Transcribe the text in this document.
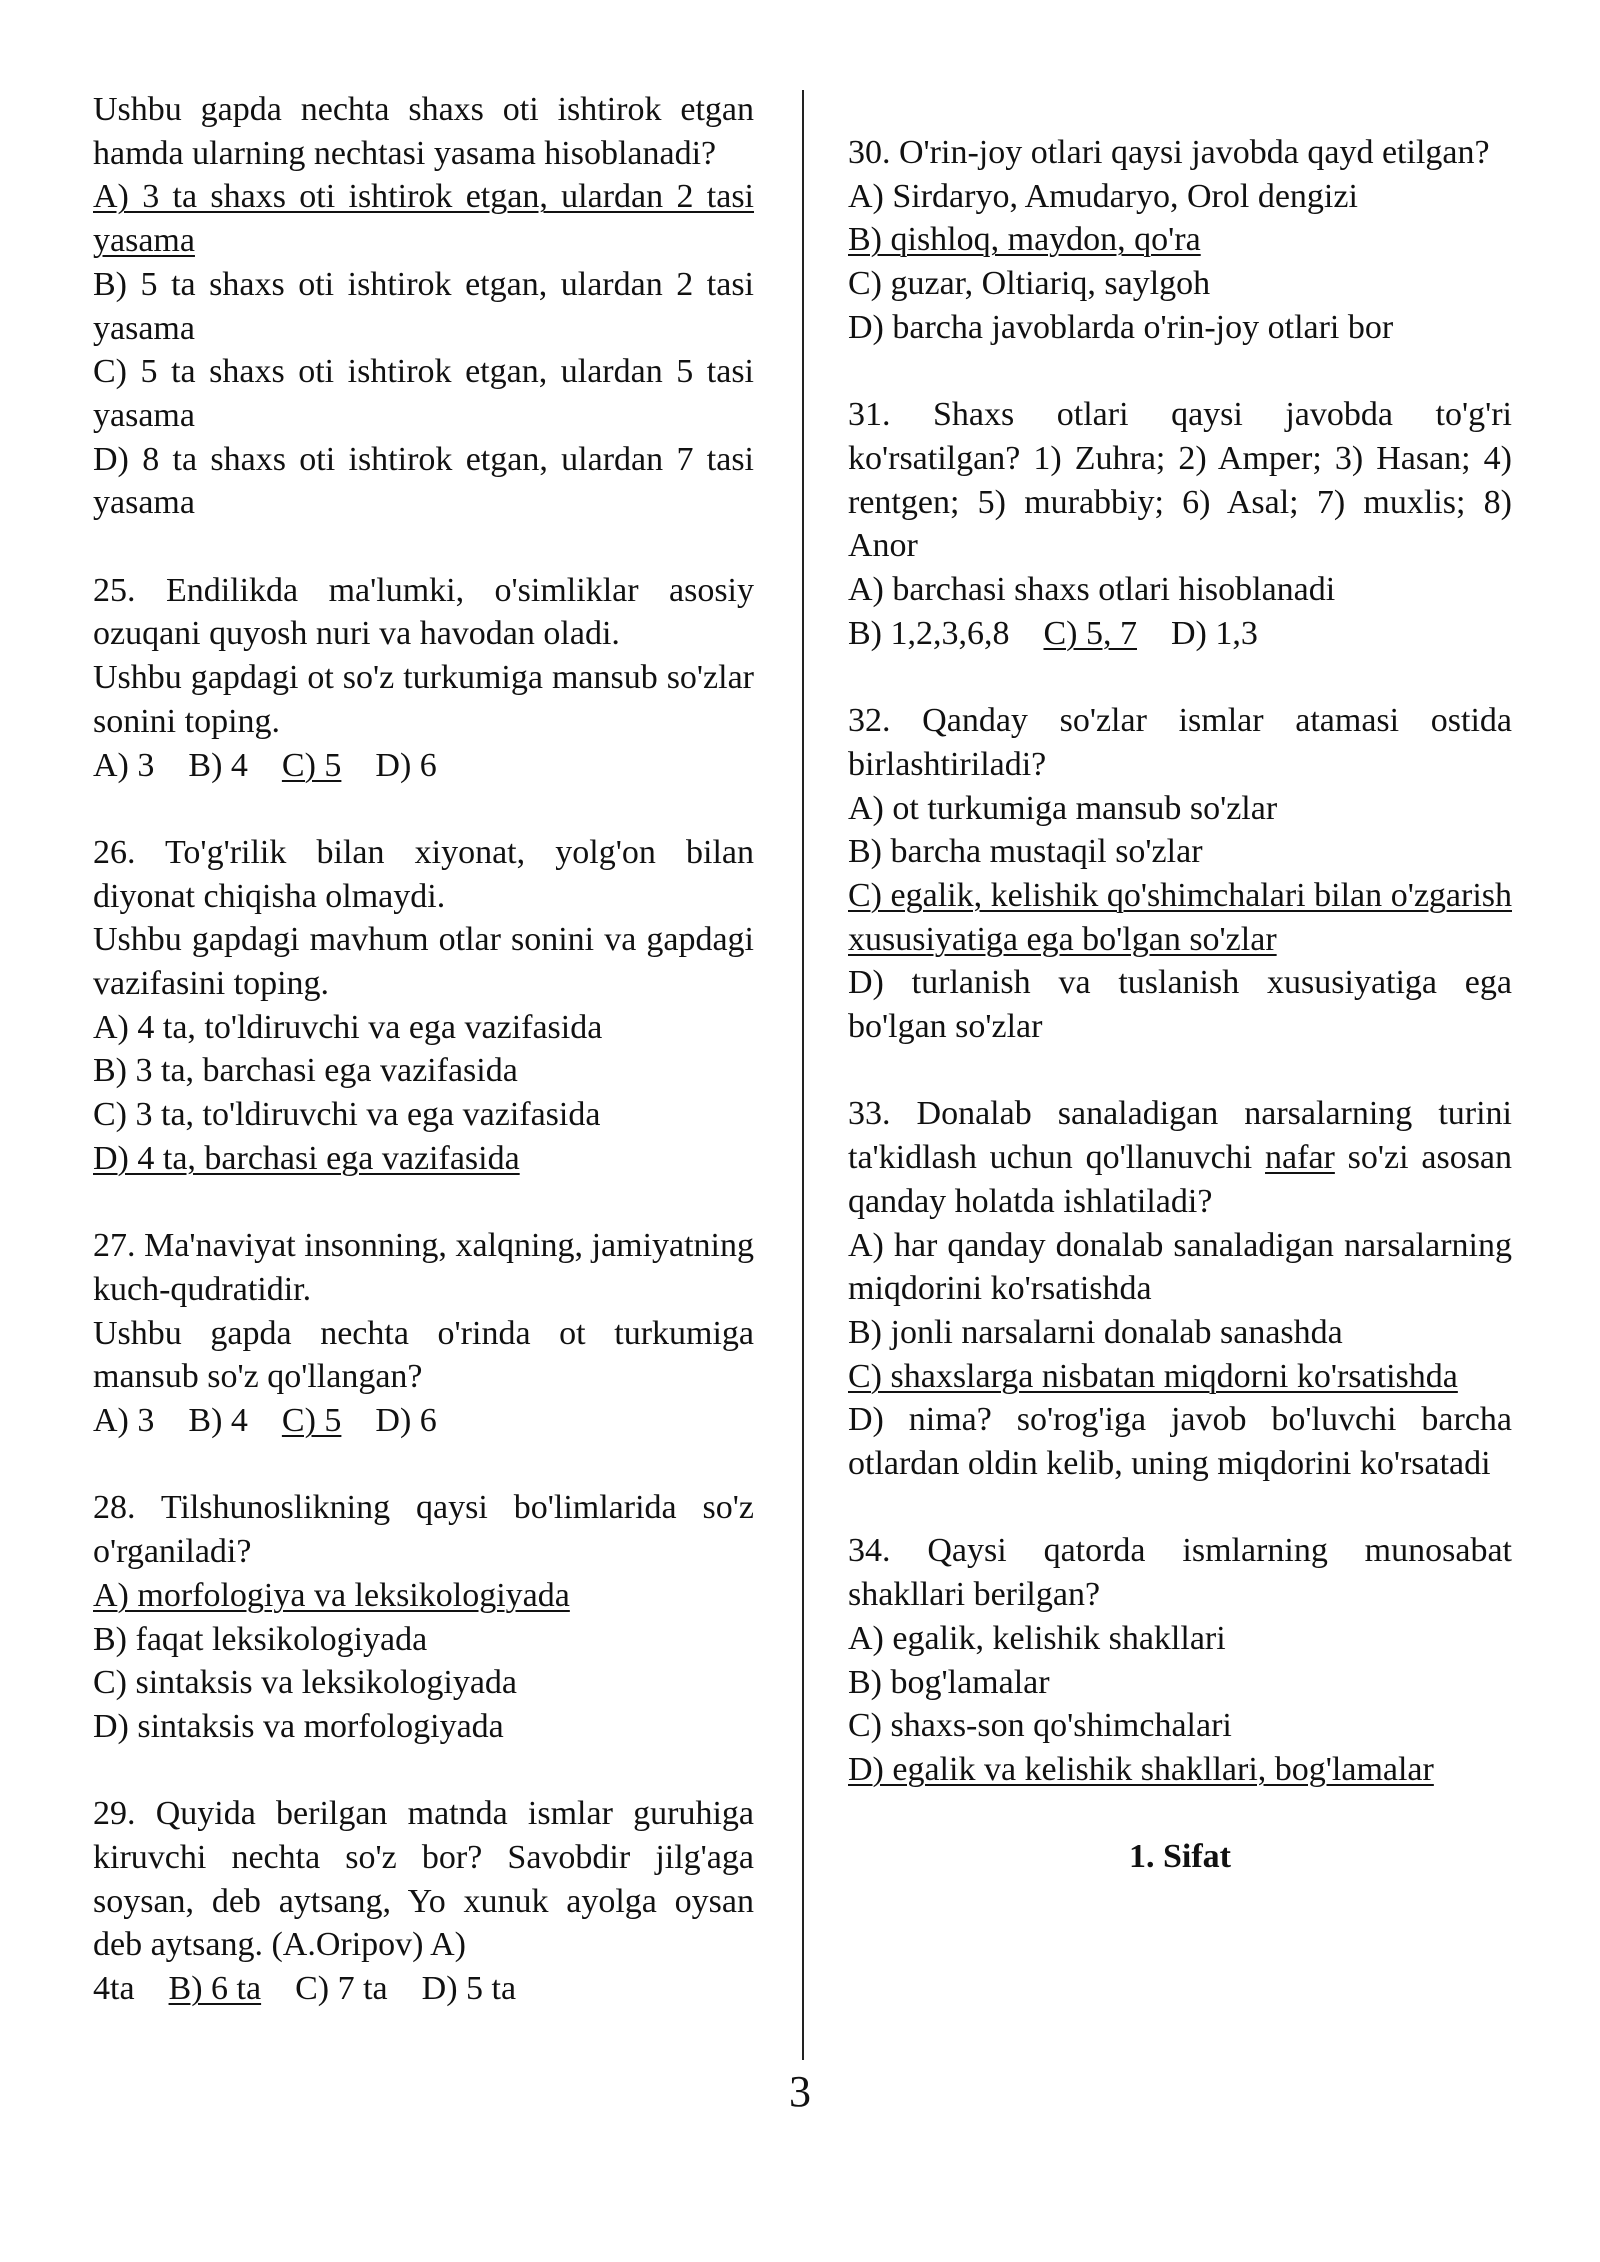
Ushbu gapda nechta shaxs oti ishtirok etgan hamda ularning nechtasi yasama hisoblanadi?

A) 3 ta shaxs oti ishtirok etgan, ulardan 2 tasi yasama

B) 5 ta shaxs oti ishtirok etgan, ulardan 2 tasi yasama

C) 5 ta shaxs oti ishtirok etgan, ulardan 5 tasi yasama

D) 8 ta shaxs oti ishtirok etgan, ulardan 7 tasi yasama

25. Endilikda ma'lumki, o'simliklar asosiy ozuqani quyosh nuri va havodan oladi.

Ushbu gapdagi ot so'z turkumiga mansub so'zlar sonini toping.

A) 3 B) 4 C) 5 D) 6

26. To'g'rilik bilan xiyonat, yolg'on bilan diyonat chiqisha olmaydi.

Ushbu gapdagi mavhum otlar sonini va gapdagi vazifasini toping.

A) 4 ta, to'ldiruvchi va ega vazifasida

B) 3 ta, barchasi ega vazifasida

C) 3 ta, to'ldiruvchi va ega vazifasida

D) 4 ta, barchasi ega vazifasida

27. Ma'naviyat insonning, xalqning, jamiyatning kuch-qudratidir.

Ushbu gapda nechta o'rinda ot turkumiga mansub so'z qo'llangan?

A) 3 B) 4 C) 5 D) 6

28. Tilshunoslikning qaysi bo'limlarida so'z o'rganiladi?

A) morfologiya va leksikologiyada

B) faqat leksikologiyada

C) sintaksis va leksikologiyada

D) sintaksis va morfologiyada

29. Quyida berilgan matnda ismlar guruhiga kiruvchi nechta so'z bor? Savobdir jilg'aga soysan, deb aytsang, Yo xunuk ayolga oysan deb aytsang. (A.Oripov) A)

4ta B) 6 ta C) 7 ta D) 5 ta

30. O'rin-joy otlari qaysi javobda qayd etilgan?

A) Sirdaryo, Amudaryo, Orol dengizi

B) qishloq, maydon, qo'ra

C) guzar, Oltiariq, saylgoh

D) barcha javoblarda o'rin-joy otlari bor

31. Shaxs otlari qaysi javobda to'g'ri ko'rsatilgan? 1) Zuhra; 2) Amper; 3) Hasan; 4) rentgen; 5) murabbiy; 6) Asal; 7) muxlis; 8) Anor

A) barchasi shaxs otlari hisoblanadi

B) 1,2,3,6,8 C) 5, 7 D) 1,3

32. Qanday so'zlar ismlar atamasi ostida birlashtiriladi?

A) ot turkumiga mansub so'zlar

B) barcha mustaqil so'zlar

C) egalik, kelishik qo'shimchalari bilan o'zgarish xususiyatiga ega bo'lgan so'zlar

D) turlanish va tuslanish xususiyatiga ega bo'lgan so'zlar

33. Donalab sanaladigan narsalarning turini ta'kidlash uchun qo'llanuvchi nafar so'zi asosan qanday holatda ishlatiladi?

A) har qanday donalab sanaladigan narsalarning miqdorini ko'rsatishda

B) jonli narsalarni donalab sanashda

C) shaxslarga nisbatan miqdorni ko'rsatishda

D) nima? so'rog'iga javob bo'luvchi barcha otlardan oldin kelib, uning miqdorini ko'rsatadi

34. Qaysi qatorda ismlarning munosabat shakllari berilgan?

A) egalik, kelishik shakllari

B) bog'lamalar

C) shaxs-son qo'shimchalari

D) egalik va kelishik shakllari, bog'lamalar

1. Sifat

3
